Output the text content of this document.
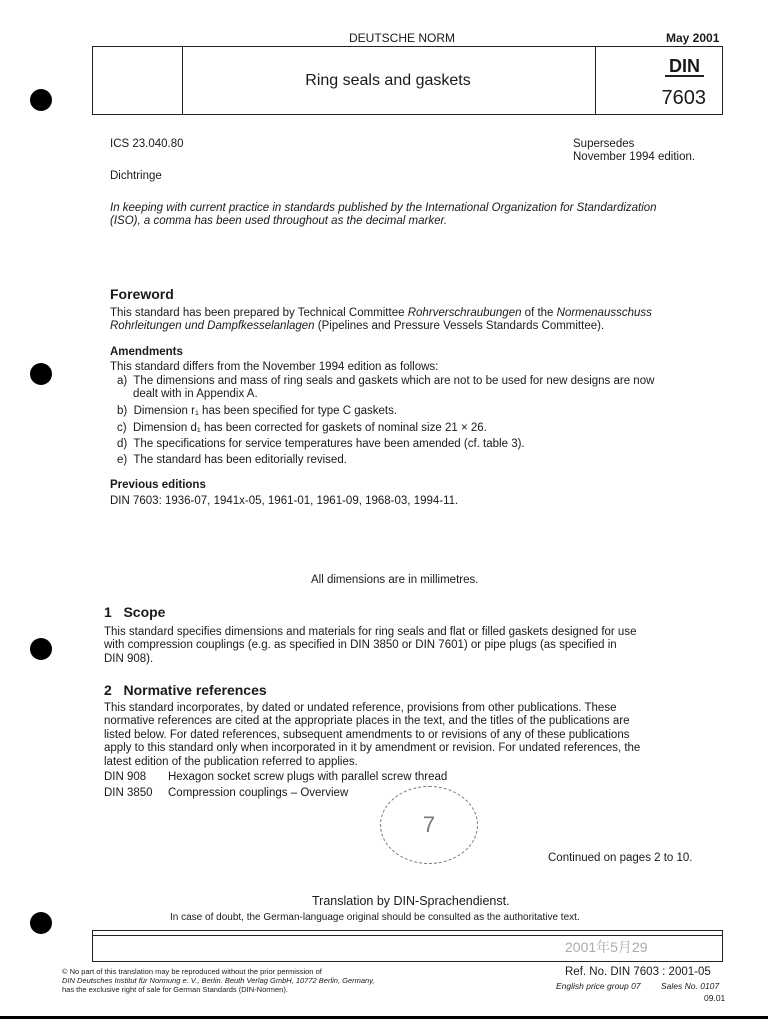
DEUTSCHE NORM	May 2001
Ring seals and gaskets
DIN
7603
ICS 23.040.80	Supersedes
November 1994 edition.
Dichtringe
In keeping with current practice in standards published by the International Organization for Standardization
(ISO), a comma has been used throughout as the decimal marker.
Foreword
This standard has been prepared by Technical Committee Rohrverschraubungen of the Normenausschuss
Rohrleitungen und Dampfkesselanlagen (Pipelines and Pressure Vessels Standards Committee).
Amendments
This standard differs from the November 1994 edition as follows:
a)  The dimensions and mass of ring seals and gaskets which are not to be used for new designs are now
dealt with in Appendix A.
b)  Dimension r₁ has been specified for type C gaskets.
c)  Dimension d₁ has been corrected for gaskets of nominal size 21 × 26.
d)  The specifications for service temperatures have been amended (cf. table 3).
e)  The standard has been editorially revised.
Previous editions
DIN 7603: 1936-07, 1941x-05, 1961-01, 1961-09, 1968-03, 1994-11.
All dimensions are in millimetres.
1   Scope
This standard specifies dimensions and materials for ring seals and flat or filled gaskets designed for use
with compression couplings (e.g. as specified in DIN 3850 or DIN 7601) or pipe plugs (as specified in
DIN 908).
2   Normative references
This standard incorporates, by dated or undated reference, provisions from other publications. These
normative references are cited at the appropriate places in the text, and the titles of the publications are
listed below. For dated references, subsequent amendments to or revisions of any of these publications
apply to this standard only when incorporated in it by amendment or revision. For undated references, the
latest edition of the publication referred to applies.
DIN 908 Hexagon socket screw plugs with parallel screw thread
DIN 3850 Compression couplings – Overview
7
Continued on pages 2 to 10.
Translation by DIN-Sprachendienst.
In case of doubt, the German-language original should be consulted as the authoritative text.
2001年5月29
© No part of this translation may be reproduced without the prior permission of
DIN Deutsches Institut für Normung e. V., Berlin. Beuth Verlag GmbH, 10772 Berlin, Germany,
has the exclusive right of sale for German Standards (DIN-Normen).
Ref. No. DIN 7603 : 2001-05
English price group 07 Sales No. 0107
09.01
